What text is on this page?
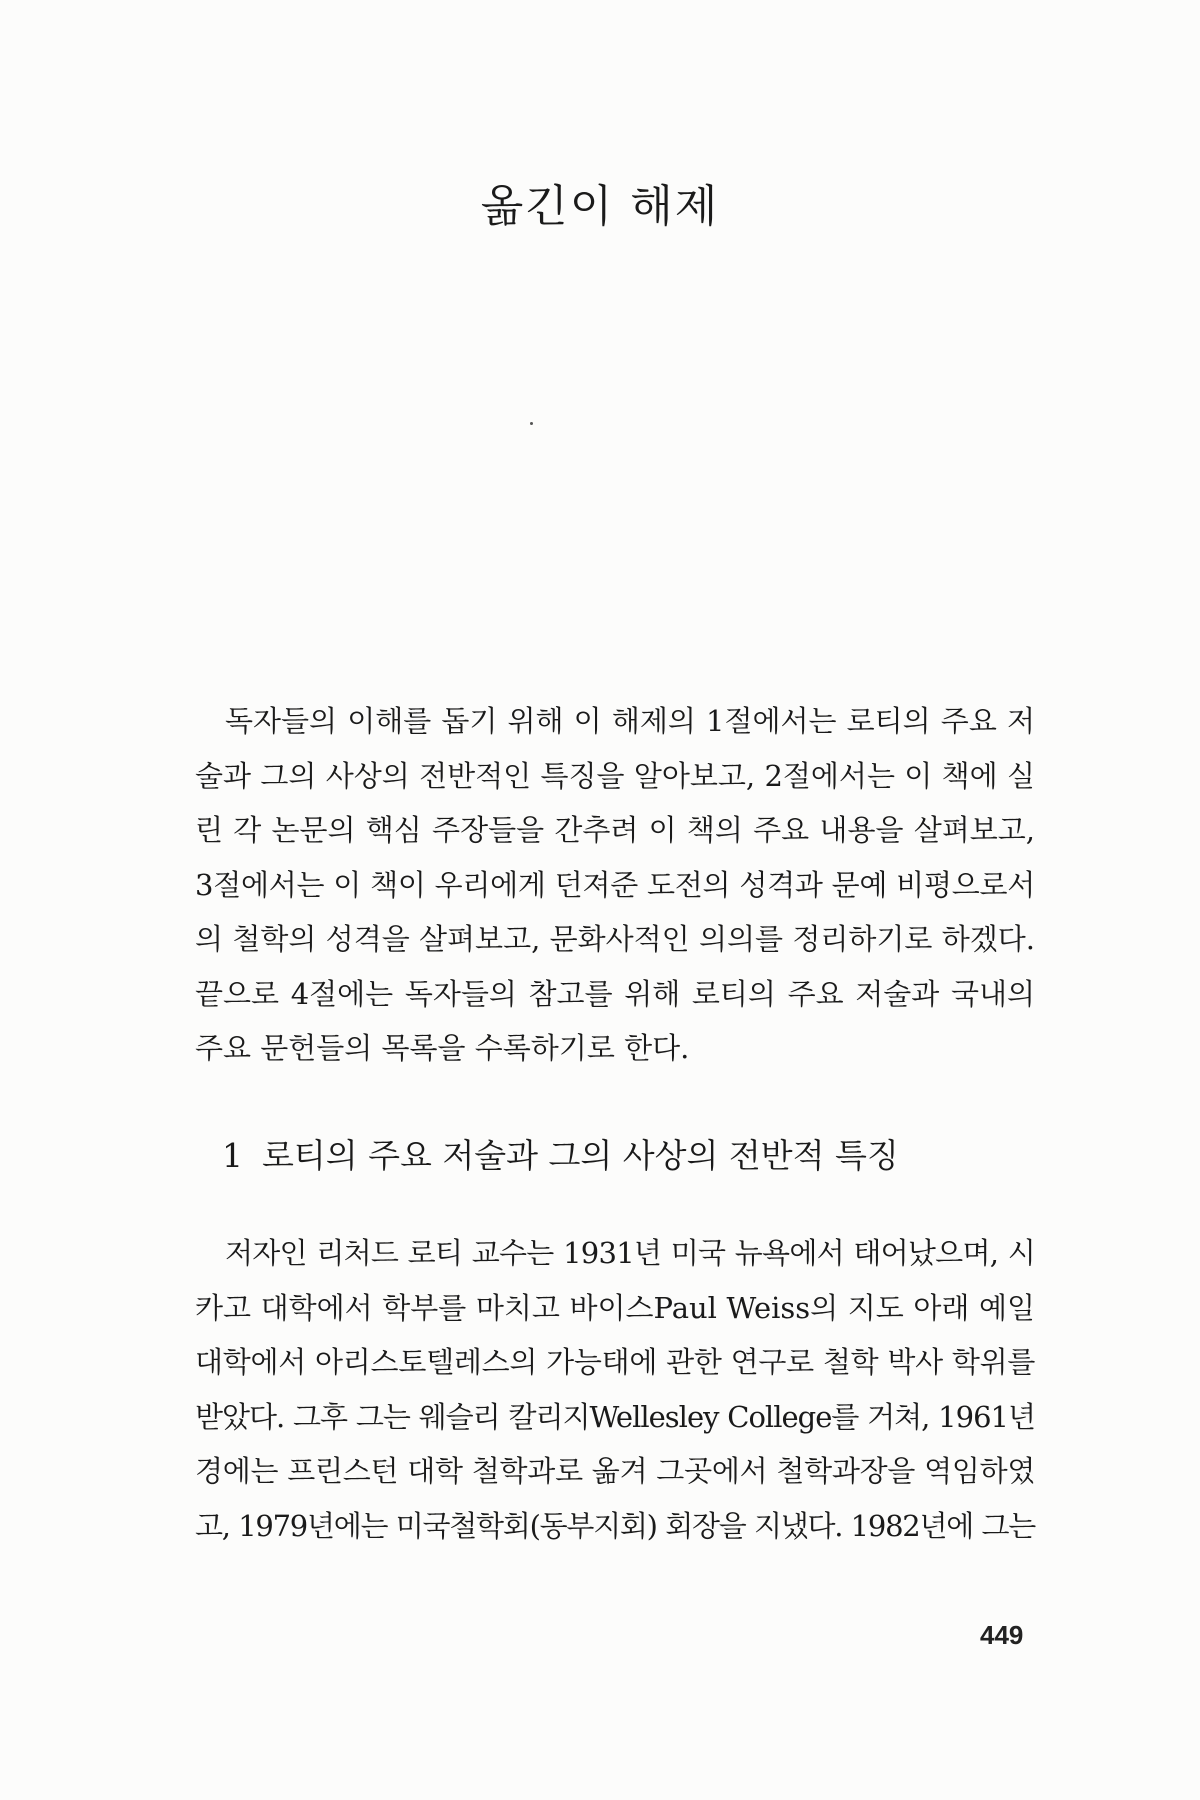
옮긴이 해제
독자들의 이해를 돕기 위해 이 해제의 1절에서는 로티의 주요 저
술과 그의 사상의 전반적인 특징을 알아보고, 2절에서는 이 책에 실
린 각 논문의 핵심 주장들을 간추려 이 책의 주요 내용을 살펴보고,
3절에서는 이 책이 우리에게 던져준 도전의 성격과 문예 비평으로서
의 철학의 성격을 살펴보고, 문화사적인 의의를 정리하기로 하겠다.
끝으로 4절에는 독자들의 참고를 위해 로티의 주요 저술과 국내의
주요 문헌들의 목록을 수록하기로 한다.
1 로티의 주요 저술과 그의 사상의 전반적 특징
저자인 리처드 로티 교수는 1931년 미국 뉴욕에서 태어났으며, 시
카고 대학에서 학부를 마치고 바이스Paul Weiss의 지도 아래 예일
대학에서 아리스토텔레스의 가능태에 관한 연구로 철학 박사 학위를
받았다. 그후 그는 웨슬리 칼리지Wellesley College를 거쳐, 1961년
경에는 프린스턴 대학 철학과로 옮겨 그곳에서 철학과장을 역임하였
고, 1979년에는 미국철학회(동부지회) 회장을 지냈다. 1982년에 그는
449
